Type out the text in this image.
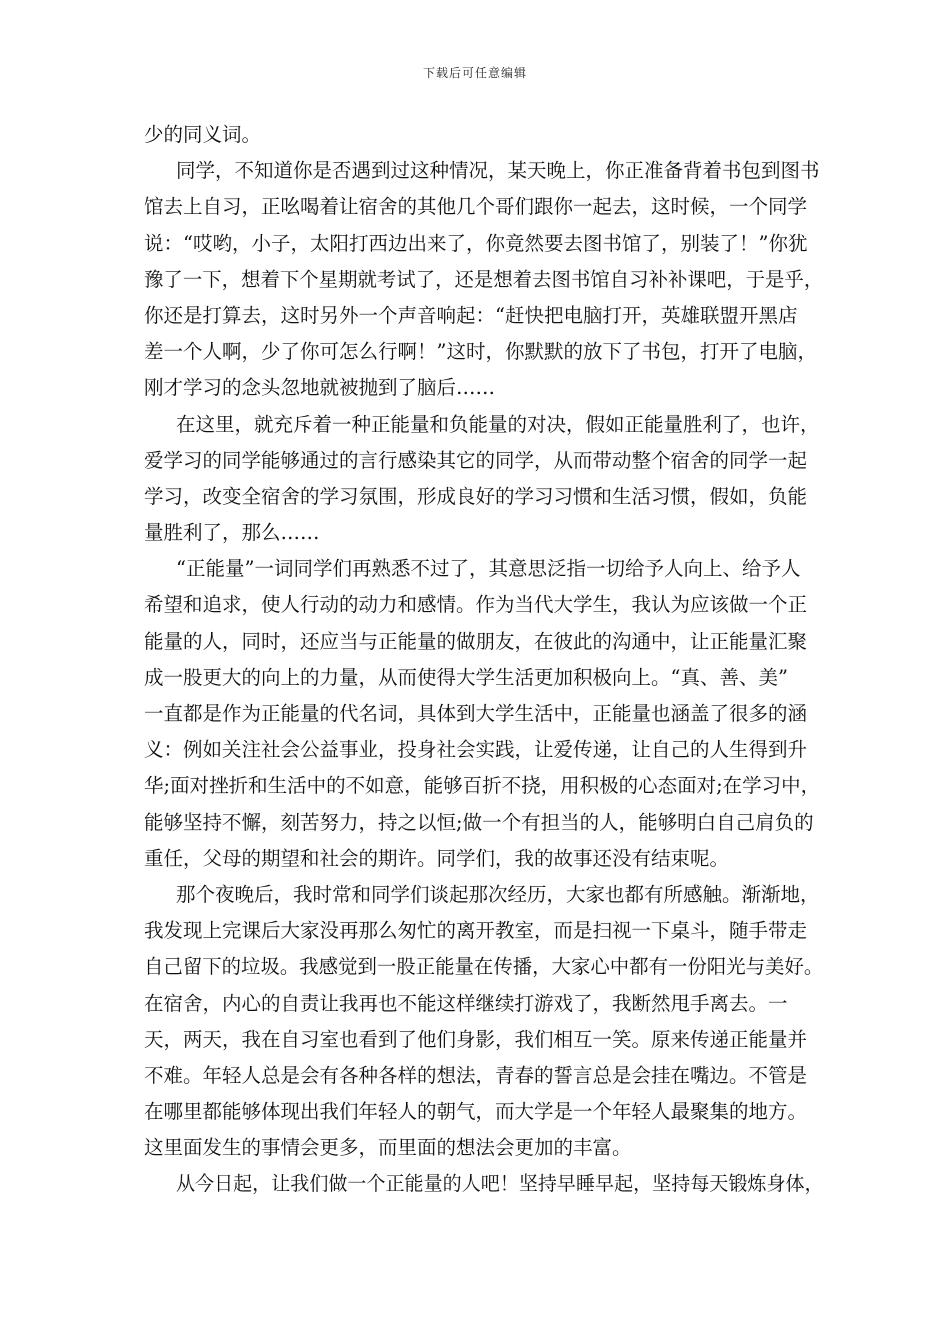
下载后可任意编辑
少的同义词。
同学，不知道你是否遇到过这种情况，某天晚上，你正准备背着书包到图书
馆去上自习，正吆喝着让宿舍的其他几个哥们跟你一起去，这时候，一个同学
说：“哎哟，小子，太阳打西边出来了，你竟然要去图书馆了，别装了！”你犹
豫了一下，想着下个星期就考试了，还是想着去图书馆自习补补课吧，于是乎，
你还是打算去，这时另外一个声音响起：“赶快把电脑打开，英雄联盟开黑店
差一个人啊，少了你可怎么行啊！”这时，你默默的放下了书包，打开了电脑，
刚才学习的念头忽地就被抛到了脑后……
在这里，就充斥着一种正能量和负能量的对决，假如正能量胜利了，也许，
爱学习的同学能够通过的言行感染其它的同学，从而带动整个宿舍的同学一起
学习，改变全宿舍的学习氛围，形成良好的学习习惯和生活习惯，假如，负能
量胜利了，那么……
“正能量”一词同学们再熟悉不过了，其意思泛指一切给予人向上、给予人
希望和追求，使人行动的动力和感情。作为当代大学生，我认为应该做一个正
能量的人，同时，还应当与正能量的做朋友，在彼此的沟通中，让正能量汇聚
成一股更大的向上的力量，从而使得大学生活更加积极向上。“真、善、美”
一直都是作为正能量的代名词，具体到大学生活中，正能量也涵盖了很多的涵
义：例如关注社会公益事业，投身社会实践，让爱传递，让自己的人生得到升
华;面对挫折和生活中的不如意，能够百折不挠，用积极的心态面对;在学习中，
能够坚持不懈，刻苦努力，持之以恒;做一个有担当的人，能够明白自己肩负的
重任，父母的期望和社会的期许。同学们，我的故事还没有结束呢。
那个夜晚后，我时常和同学们谈起那次经历，大家也都有所感触。渐渐地，
我发现上完课后大家没再那么匆忙的离开教室，而是扫视一下桌斗，随手带走
自己留下的垃圾。我感觉到一股正能量在传播，大家心中都有一份阳光与美好。
在宿舍，内心的自责让我再也不能这样继续打游戏了，我断然甩手离去。一
天，两天，我在自习室也看到了他们身影，我们相互一笑。原来传递正能量并
不难。年轻人总是会有各种各样的想法，青春的誓言总是会挂在嘴边。不管是
在哪里都能够体现出我们年轻人的朝气，而大学是一个年轻人最聚集的地方。
这里面发生的事情会更多，而里面的想法会更加的丰富。
从今日起，让我们做一个正能量的人吧！坚持早睡早起，坚持每天锻炼身体，
